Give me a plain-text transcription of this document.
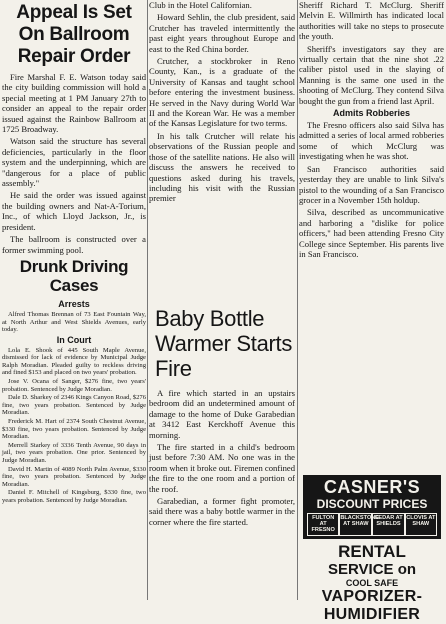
Appeal Is Set On Ballroom Repair Order

Fire Marshal F. E. Watson today said the city building commission will hold a special meeting at 1 PM January 27th to consider an appeal to the repair order issued against the Rainbow Ballroom at 1725 Broadway.

Watson said the structure has several deficiencies, particularly in the floor system and the underpinning, which are "dangerous for a place of public assembly."

He said the order was issued against the building owners and Nat-A-Torium, Inc., of which Lloyd Jackson, Jr., is president.

The ballroom is constructed over a former swimming pool.

Drunk Driving Cases
Arrests

Alfred Thomas Brennan of 73 East Fountain Way, at North Arthur and West Shields Avenues, early today.

In Court

Lola E. Shook of 445 South Maple Avenue, dismissed for lack of evidence by Municipal Judge Ralph Moradian. Pleaded guilty to reckless driving and fined $153 and placed on two years' probation.

Jose V. Ocana of Sanger, $276 fine, two years' probation. Sentenced by Judge Moradian.

Dale D. Sharkey of 2346 Kings Canyon Road, $276 fine, two years probation. Sentenced by Judge Moradian.

Frederick M. Hart of 2374 South Chestnut Avenue, $330 fine, two years probation. Sentenced by Judge Moradian.

Merrell Starkey of 3336 Tenth Avenue, 90 days in jail, two years probation. One prior. Sentenced by Judge Moradian.

David H. Martin of 4089 North Palm Avenue, $330 fine, two years probation. Sentenced by Judge Moradian.

Daniel F. Mitchell of Kingsburg, $330 fine, two years probation. Sentenced by Judge Moradian.

Club in the Hotel Californian.

Howard Sehlin, the club president, said Crutcher has traveled intermittently the past eight years throughout Europe and east to the Red China border.

Crutcher, a stockbroker in Reno County, Kan., is a graduate of the University of Kansas and taught school before entering the investment business. He served in the Navy during World War II and the Korean War. He was a member of the Kansas Legislature for two terms.

In his talk Crutcher will relate his observations of the Russian people and those of the satellite nations. He also will discuss the answers he received to questions asked during his travels, including his visit with the Russian premier

Baby Bottle Warmer Starts Fire

A fire which started in an upstairs bedroom did an undetermined amount of damage to the home of Duke Garabedian at 3412 East Kerckhoff Avenue this morning.

The fire started in a child's bedroom just before 7:30 AM. No one was in the room when it broke out. Firemen confined the fire to the one room and a portion of the roof.

Garabedian, a former fight promoter, said there was a baby bottle warmer in the corner where the fire started.

Sheriff Richard T. McClurg. Sheriff Melvin E. Willmirth has indicated local authorities will take no steps to prosecute the youth.

Sheriff's investigators say they are virtually certain that the nine shot .22 caliber pistol used in the slaying of Manning is the same one used in the shooting of McClurg. They contend Silva bought the gun from a friend last April.

Admits Robberies

The Fresno officers also said Silva has admitted a series of local armed robberies some of which McClurg was investigating when he was shot.

San Francisco authorities said yesterday they are unable to link Silva's pistol to the wounding of a San Francisco grocer in a November 15th holdup.

Silva, described as uncommunicative and harboring a "dislike for police officers," had been attending Fresno City College since September. His parents live in San Francisco.

CASNER'S
DISCOUNT PRICES
FULTON AT FRESNO
BLACKSTONE AT SHAW
CEDAR AT SHIELDS
CLOVIS AT SHAW
RENTAL
SERVICE on
COOL SAFE
VAPORIZER-
HUMIDIFIER
